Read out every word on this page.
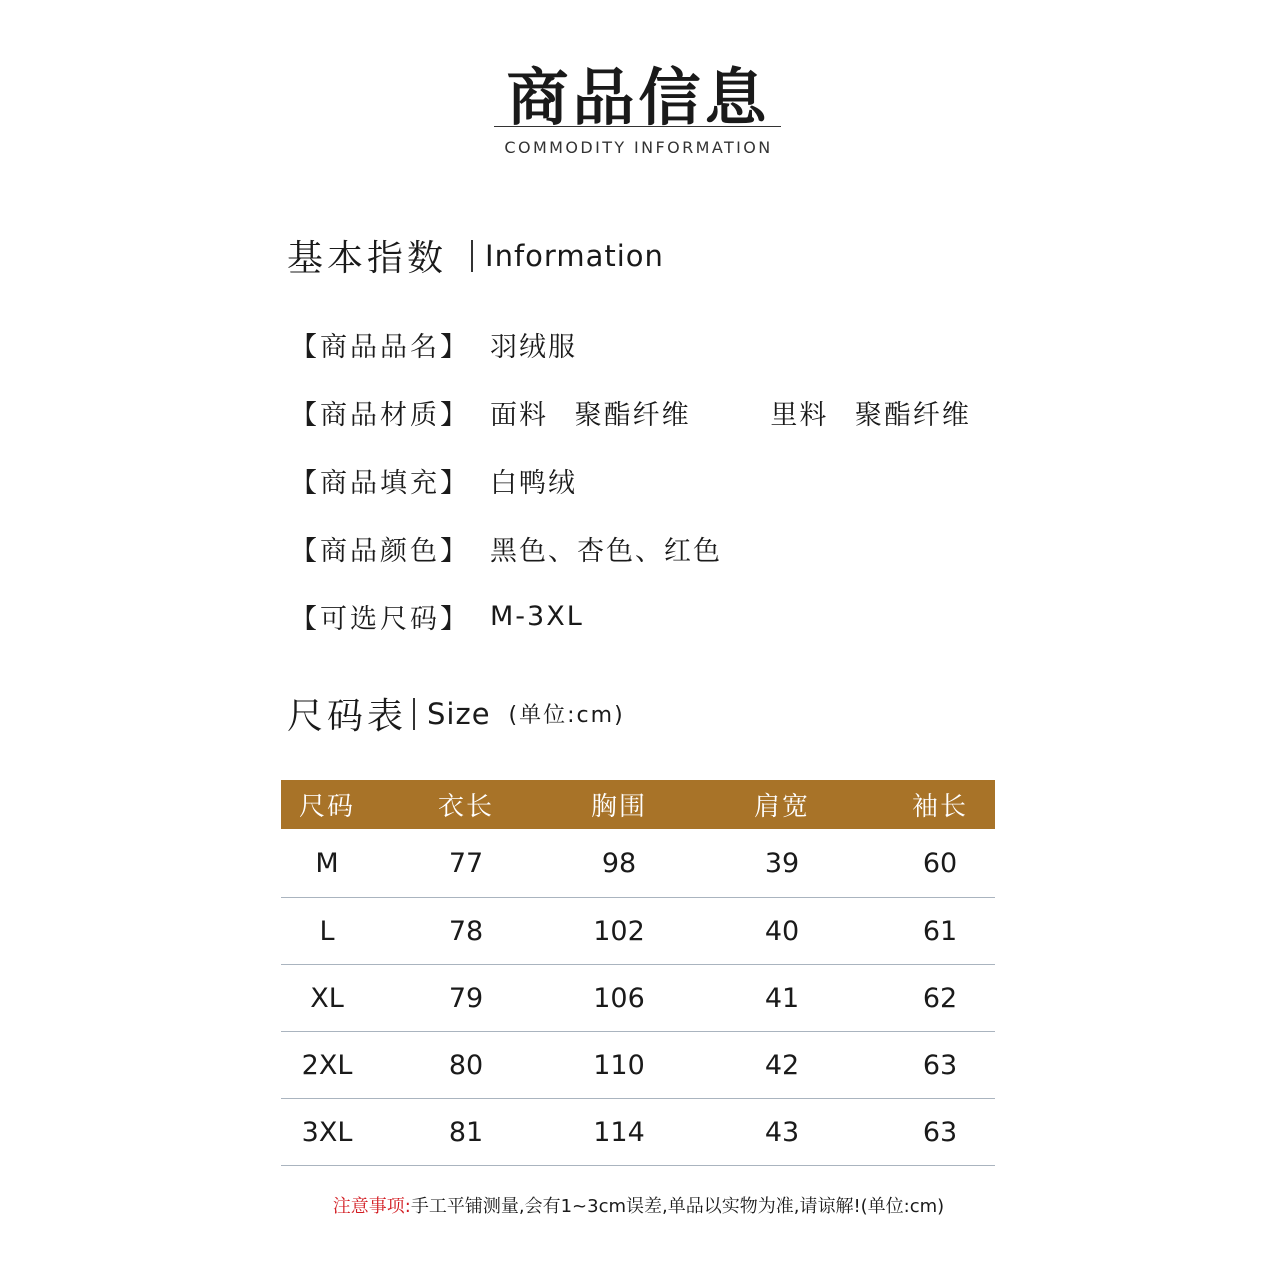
商品信息
COMMODITY INFORMATION
基本指数 Information
【商品品名】 羽绒服
【商品材质】 面料 聚酯纤维   里料 聚酯纤维
【商品填充】 白鸭绒
【商品颜色】 黑色、杏色、红色
【可选尺码】 M-3XL
尺码表 Size (单位:cm)
尺码	衣长	胸围	肩宽	袖长
M	77	98	39	60
L	78	102	40	61
XL	79	106	41	62
2XL	80	110	42	63
3XL	81	114	43	63
注意事项:手工平铺测量,会有1~3cm误差,单品以实物为准,请谅解!(单位:cm)
